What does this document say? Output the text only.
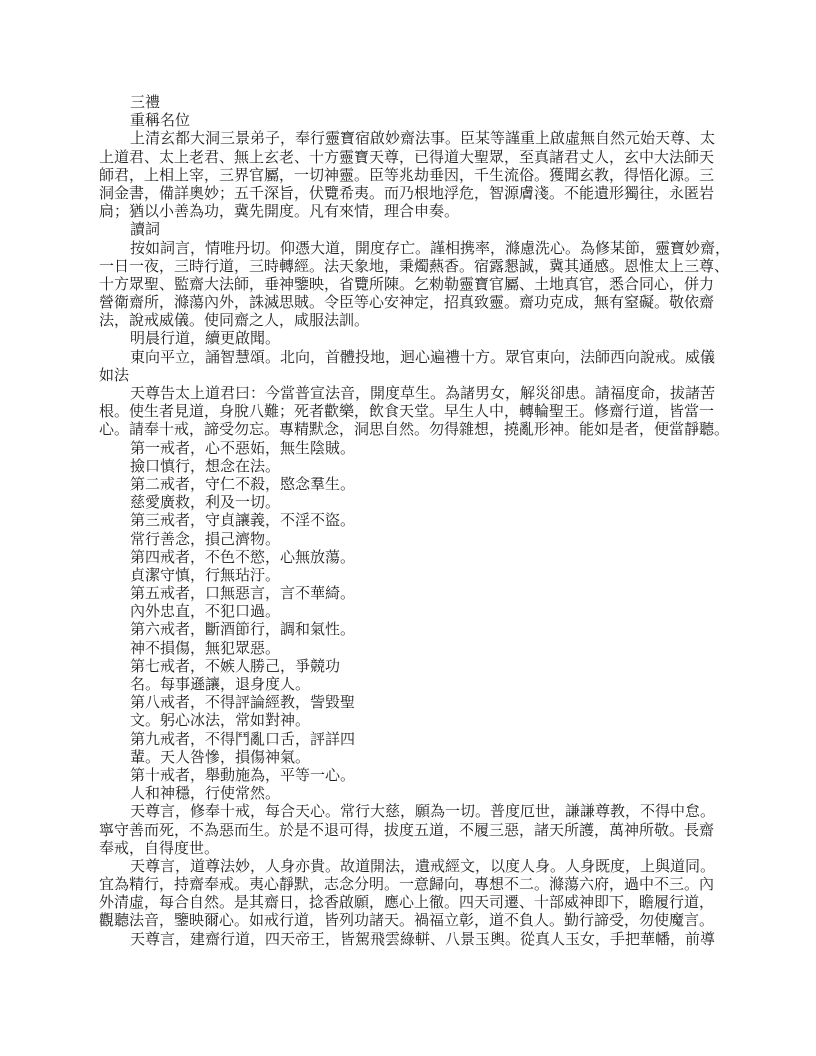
三禮
重稱名位
上清玄都大洞三景弟子，奉行靈寶宿啟妙齋法事。臣某等謹重上啟虛無自然元始天尊、太
上道君、太上老君、無上玄老、十方靈寶天尊，已得道大聖眾，至真諸君丈人，玄中大法師天
師君，上相上宰，三界官屬，一切神靈。臣等兆劫垂因，千生流俗。獲聞玄教，得悟化源。三
洞金書，備詳奧妙；五千深旨，伏覽希夷。而乃根地浮危，智源膚淺。不能遺形獨往，永匿岩
扃；猶以小善為功，冀先開度。凡有來情，理合申奏。
讀詞
按如詞言，情唯丹切。仰憑大道，開度存亡。謹相携率，滌慮洗心。為修某節，靈寶妙齋，
一日一夜，三時行道，三時轉經。法天象地，秉燭爇香。宿露懇誠，冀其通感。恩惟太上三尊、
十方眾聖、監齋大法師，垂神鑒映，省覽所陳。乞勑勒靈寶官屬、土地真官，悉合同心，併力
營衛齋所，滌蕩內外，誅滅思賊。令臣等心安神定，招真致靈。齋功克成，無有窒礙。敬依齋
法，說戒威儀。使同齋之人，咸服法訓。
明晨行道，續更啟聞。
東向平立，誦智慧頌。北向，首體投地，迴心遍禮十方。眾官東向，法師西向說戒。威儀
如法
天尊告太上道君曰：今當普宣法音，開度草生。為諸男女，解災卻患。請福度命，拔諸苦
根。使生者見道，身脫八難；死者歡樂，飲食天堂。早生人中，轉輪聖王。修齋行道，皆當一
心。請奉十戒，諦受勿忘。專精默念，洞思自然。勿得雜想，撓亂形神。能如是者，便當靜聽。
第一戒者，心不惡妬，無生陰賊。
撿口慎行，想念在法。
第二戒者，守仁不殺，愍念羣生。
慈愛廣救，利及一切。
第三戒者，守貞讓義，不淫不盜。
常行善念，損己濟物。
第四戒者，不色不慾，心無放蕩。
貞潔守慎，行無玷汙。
第五戒者，口無惡言，言不華綺。
內外忠直，不犯口過。
第六戒者，斷酒節行，調和氣性。
神不損傷，無犯眾惡。
第七戒者，不嫉人勝己，爭競功
名。每事遜讓，退身度人。
第八戒者，不得評論經教，訾毀聖
文。躬心冰法，常如對神。
第九戒者，不得鬥亂口舌，評詳四
輩。天人咎慘，損傷神氣。
第十戒者，舉動施為，平等一心。
人和神穩，行使常然。
天尊言，修奉十戒，每合天心。常行大慈，願為一切。普度厄世，謙謙尊教，不得中怠。
寧守善而死，不為惡而生。於是不退可得，拔度五道，不履三惡，諸天所護，萬神所敬。長齋
奉戒，自得度世。
天尊言，道尊法妙，人身亦貴。故道開法，遺戒經文，以度人身。人身既度，上與道同。
宜為精行，持齋奉戒。夷心靜默，志念分明。一意歸向，專想不二。滌蕩六府，過中不三。內
外清虛，每合自然。是其齋日，捻香啟願，應心上徹。四天司遷、十部威神即下，瞻履行道，
觀聽法音，鑒映爾心。如戒行道，皆列功諸天。禍福立彰，道不負人。勤行諦受，勿使魔言。
天尊言，建齋行道，四天帝王，皆駕飛雲綠軿、八景玉輿。從真人玉女，手把華幡，前導
